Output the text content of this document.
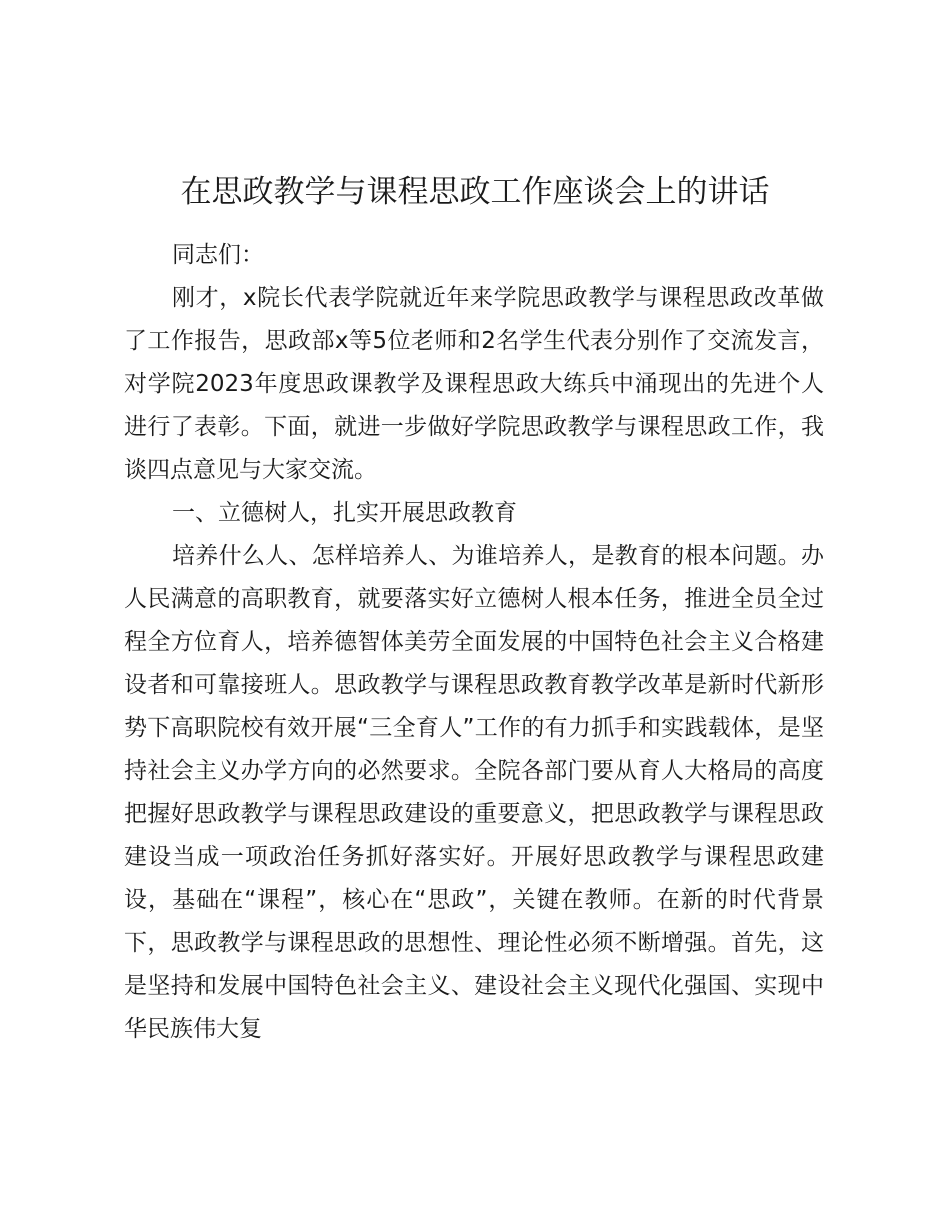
在思政教学与课程思政工作座谈会上的讲话

同志们：

刚才，x院长代表学院就近年来学院思政教学与课程思政改革做了工作报告，思政部x等5位老师和2名学生代表分别作了交流发言，对学院2023年度思政课教学及课程思政大练兵中涌现出的先进个人进行了表彰。下面，就进一步做好学院思政教学与课程思政工作，我谈四点意见与大家交流。

一、立德树人，扎实开展思政教育

培养什么人、怎样培养人、为谁培养人，是教育的根本问题。办人民满意的高职教育，就要落实好立德树人根本任务，推进全员全过程全方位育人，培养德智体美劳全面发展的中国特色社会主义合格建设者和可靠接班人。思政教学与课程思政教育教学改革是新时代新形势下高职院校有效开展“三全育人”工作的有力抓手和实践载体，是坚持社会主义办学方向的必然要求。全院各部门要从育人大格局的高度把握好思政教学与课程思政建设的重要意义，把思政教学与课程思政建设当成一项政治任务抓好落实好。开展好思政教学与课程思政建设，基础在“课程”，核心在“思政”，关键在教师。在新的时代背景下，思政教学与课程思政的思想性、理论性必须不断增强。首先，这是坚持和发展中国特色社会主义、建设社会主义现代化强国、实现中华民族伟大复
